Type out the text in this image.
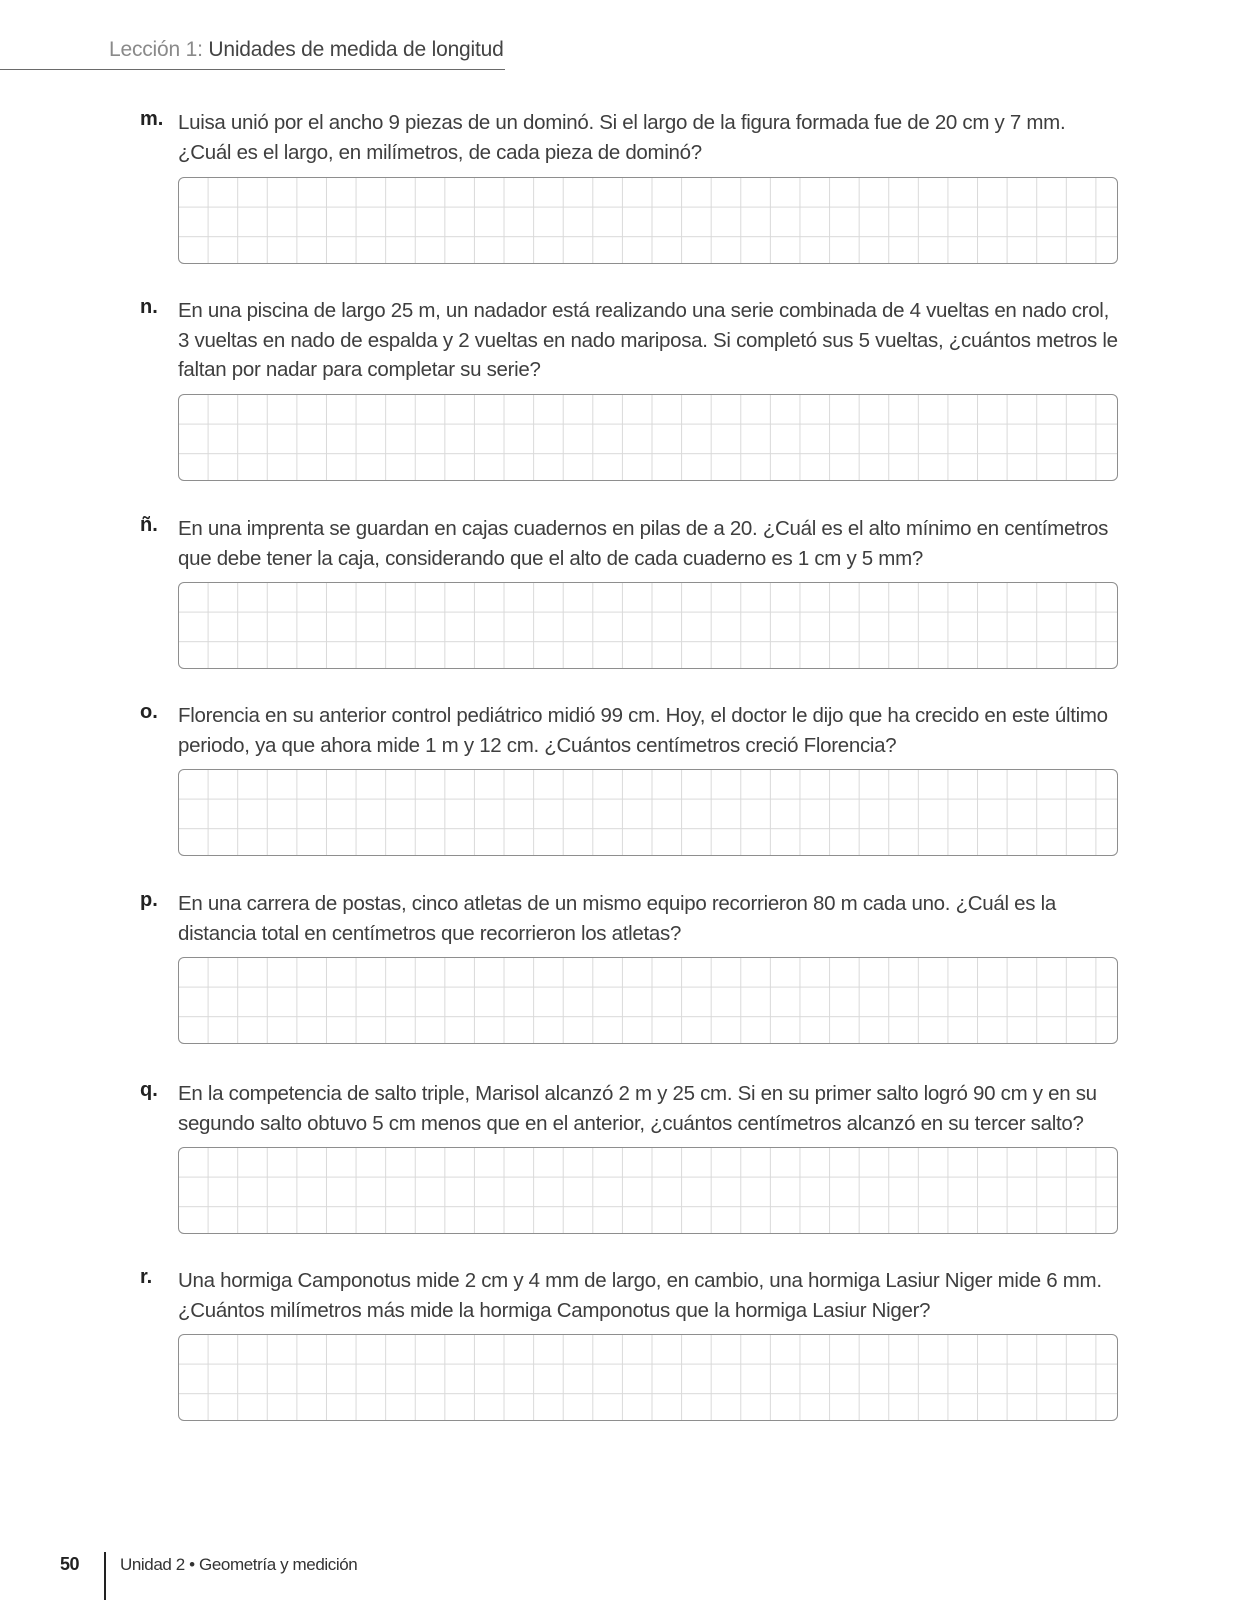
Lección 1: Unidades de medida de longitud
m. Luisa unió por el ancho 9 piezas de un dominó. Si el largo de la figura formada fue de 20 cm y 7 mm. ¿Cuál es el largo, en milímetros, de cada pieza de dominó?
n. En una piscina de largo 25 m, un nadador está realizando una serie combinada de 4 vueltas en nado crol, 3 vueltas en nado de espalda y 2 vueltas en nado mariposa. Si completó sus 5 vueltas, ¿cuántos metros le faltan por nadar para completar su serie?
ñ. En una imprenta se guardan en cajas cuadernos en pilas de a 20. ¿Cuál es el alto mínimo en centímetros que debe tener la caja, considerando que el alto de cada cuaderno es 1 cm y 5 mm?
o. Florencia en su anterior control pediátrico midió 99 cm. Hoy, el doctor le dijo que ha crecido en este último periodo, ya que ahora mide 1 m y 12 cm. ¿Cuántos centímetros creció Florencia?
p. En una carrera de postas, cinco atletas de un mismo equipo recorrieron 80 m cada uno. ¿Cuál es la distancia total en centímetros que recorrieron los atletas?
q. En la competencia de salto triple, Marisol alcanzó 2 m y 25 cm. Si en su primer salto logró 90 cm y en su segundo salto obtuvo 5 cm menos que en el anterior, ¿cuántos centímetros alcanzó en su tercer salto?
r. Una hormiga Camponotus mide 2 cm y 4 mm de largo, en cambio, una hormiga Lasiur Niger mide 6 mm. ¿Cuántos milímetros más mide la hormiga Camponotus que la hormiga Lasiur Niger?
50 Unidad 2 • Geometría y medición
